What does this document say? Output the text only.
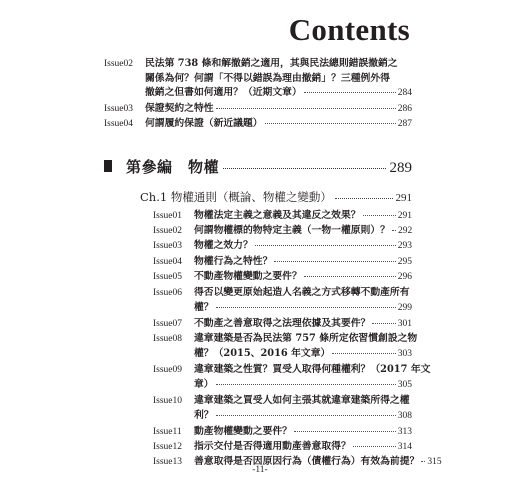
Contents
Issue02	民法第 738 條和解撤銷之適用，其與民法總則錯誤撤銷之
關係為何？何謂「不得以錯誤為理由撤銷」？三種例外得
撤銷之但書如何適用？（近期文章）	284
Issue03	保證契約之特性	286
Issue04	何謂履約保證（新近議題）	287
第參編　物權	289
Ch.1 物權通則（概論、物權之變動）	291
Issue01	物權法定主義之意義及其違反之效果？	291
Issue02	何謂物權標的物特定主義（一物一權原則）？ 292
Issue03	物權之效力？	293
Issue04	物權行為之特性？	295
Issue05	不動產物權變動之要件？	296
Issue06	得否以變更原始起造人名義之方式移轉不動產所有
權？	299
Issue07	不動產之善意取得之法理依據及其要件？	301
Issue08	違章建築是否為民法第 757 條所定依習慣創設之物
權？（2015、2016 年文章）	303
Issue09	違章建築之性質？買受人取得何種權利？（2017 年文
章）	305
Issue10	違章建築之買受人如何主張其就違章建築所得之權
利？	308
Issue11	動產物權變動之要件？	313
Issue12	指示交付是否得適用動產善意取得？	314
Issue13	善意取得是否因原因行為（債權行為）有效為前提？ 315
-11-
